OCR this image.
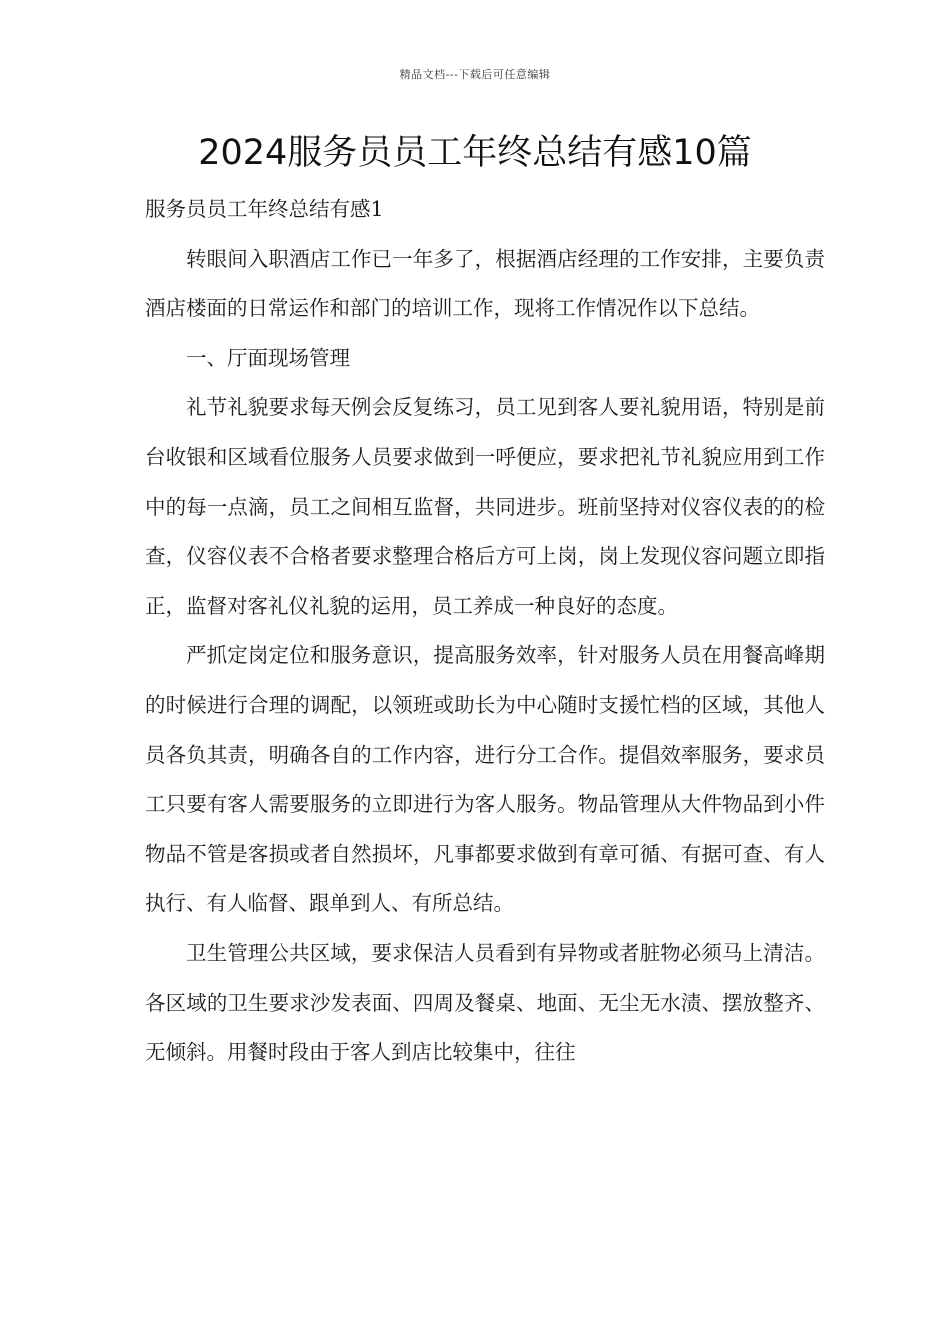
精品文档---下载后可任意编辑
2024服务员员工年终总结有感10篇

服务员员工年终总结有感1

转眼间入职酒店工作已一年多了，根据酒店经理的工作安排，主要负责酒店楼面的日常运作和部门的培训工作，现将工作情况作以下总结。

一、厅面现场管理

礼节礼貌要求每天例会反复练习，员工见到客人要礼貌用语，特别是前台收银和区域看位服务人员要求做到一呼便应，要求把礼节礼貌应用到工作中的每一点滴，员工之间相互监督，共同进步。班前坚持对仪容仪表的的检查，仪容仪表不合格者要求整理合格后方可上岗，岗上发现仪容问题立即指正，监督对客礼仪礼貌的运用，员工养成一种良好的态度。

严抓定岗定位和服务意识，提高服务效率，针对服务人员在用餐高峰期的时候进行合理的调配，以领班或助长为中心随时支援忙档的区域，其他人员各负其责，明确各自的工作内容，进行分工合作。提倡效率服务，要求员工只要有客人需要服务的立即进行为客人服务。物品管理从大件物品到小件物品不管是客损或者自然损坏，凡事都要求做到有章可循、有据可查、有人执行、有人临督、跟单到人、有所总结。

卫生管理公共区域，要求保洁人员看到有异物或者脏物必须马上清洁。各区域的卫生要求沙发表面、四周及餐桌、地面、无尘无水渍、摆放整齐、无倾斜。用餐时段由于客人到店比较集中，往往
